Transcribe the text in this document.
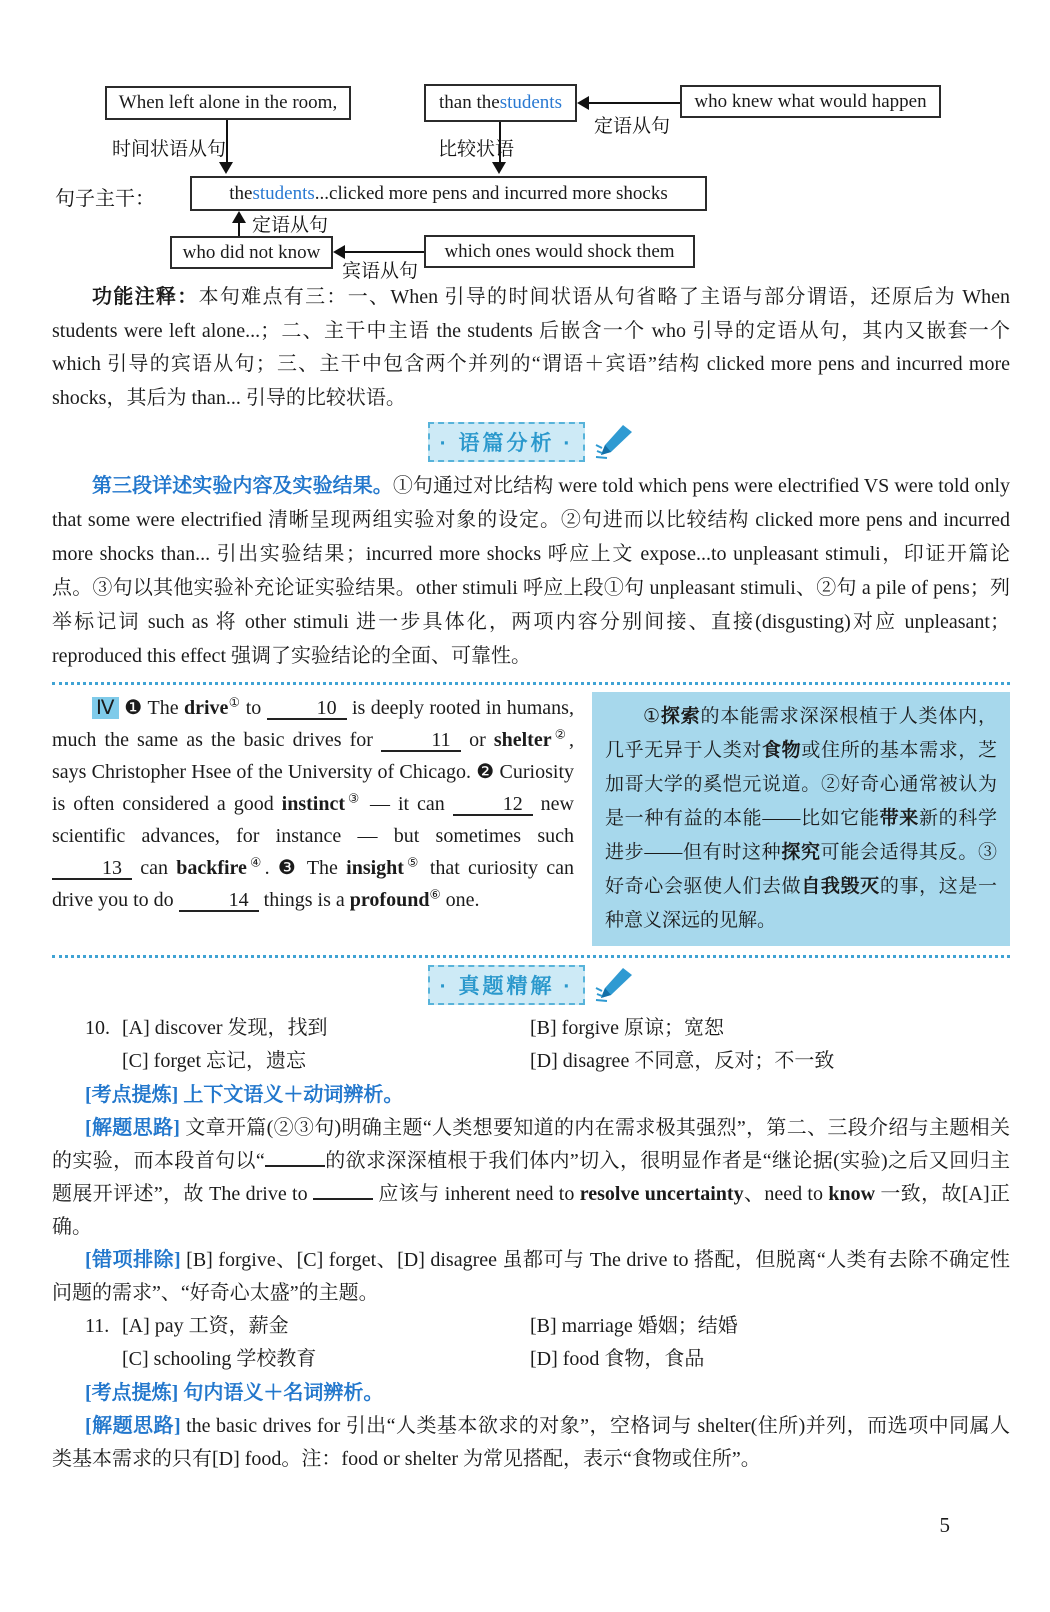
When left alone in the room,	than the students	who knew what would happen
定语从句
时间状语从句	比较状语
句子主干：	the students ...clicked more pens and incurred more shocks
定语从句
who did not know	which ones would shock them
宾语从句

功能注释：本句难点有三：一、When 引导的时间状语从句省略了主语与部分谓语，还原后为 When students were left alone...；二、主干中主语 the students 后嵌含一个 who 引导的定语从句，其内又嵌套一个 which 引导的宾语从句；三、主干中包含两个并列的“谓语＋宾语”结构 clicked more pens and incurred more shocks，其后为 than... 引导的比较状语。

· 语篇分析 ·

第三段详述实验内容及实验结果。①句通过对比结构 were told which pens were electrified VS were told only that some were electrified 清晰呈现两组实验对象的设定。②句进而以比较结构 clicked more pens and incurred more shocks than... 引出实验结果；incurred more shocks 呼应上文 expose...to unpleasant stimuli，印证开篇论点。③句以其他实验补充论证实验结果。other stimuli 呼应上段①句 unpleasant stimuli、②句 a pile of pens；列举标记词 such as 将 other stimuli 进一步具体化，两项内容分别间接、直接(disgusting)对应 unpleasant；reproduced this effect 强调了实验结论的全面、可靠性。

Ⅳ ❶ The drive① to	10 is deeply rooted in humans, much the same as the basic drives for	11 or shelter②, says Christopher Hsee of the University of Chicago. ❷ Curiosity is often considered a good instinct③ — it can	12 new scientific advances, for instance — but sometimes such 13 can backfire④. ❸ The insight⑤ that curiosity can drive you to do	14 things is a profound⑥ one.
①探索的本能需求深深根植于人类体内，几乎无异于人类对食物或住所的基本需求，芝加哥大学的奚恺元说道。②好奇心通常被认为是一种有益的本能——比如它能带来新的科学进步——但有时这种探究可能会适得其反。③好奇心会驱使人们去做自我毁灭的事，这是一种意义深远的见解。
· 真题精解 ·
10. [A] discover 发现，找到	[B] forgive 原谅；宽恕
[C] forget 忘记，遗忘	[D] disagree 不同意，反对；不一致

[考点提炼] 上下文语义＋动词辨析。

[解题思路] 文章开篇(②③句)明确主题“人类想要知道的内在需求极其强烈”，第二、三段介绍与主题相关的实验，而本段首句以“	的欲求深深植根于我们体内”切入，很明显作者是“继论据(实验)之后又回归主题展开评述”，故 The drive to	应该与 inherent need to resolve uncertainty、need to know 一致，故[A]正确。

[错项排除] [B] forgive、[C] forget、[D] disagree 虽都可与 The drive to 搭配，但脱离“人类有去除不确定性问题的需求”、“好奇心太盛”的主题。

11. [A] pay 工资，薪金	[B] marriage 婚姻；结婚
[C] schooling 学校教育	[D] food 食物，食品

[考点提炼] 句内语义＋名词辨析。

[解题思路] the basic drives for 引出“人类基本欲求的对象”，空格词与 shelter(住所)并列，而选项中同属人类基本需求的只有[D] food。注：food or shelter 为常见搭配，表示“食物或住所”。

5
